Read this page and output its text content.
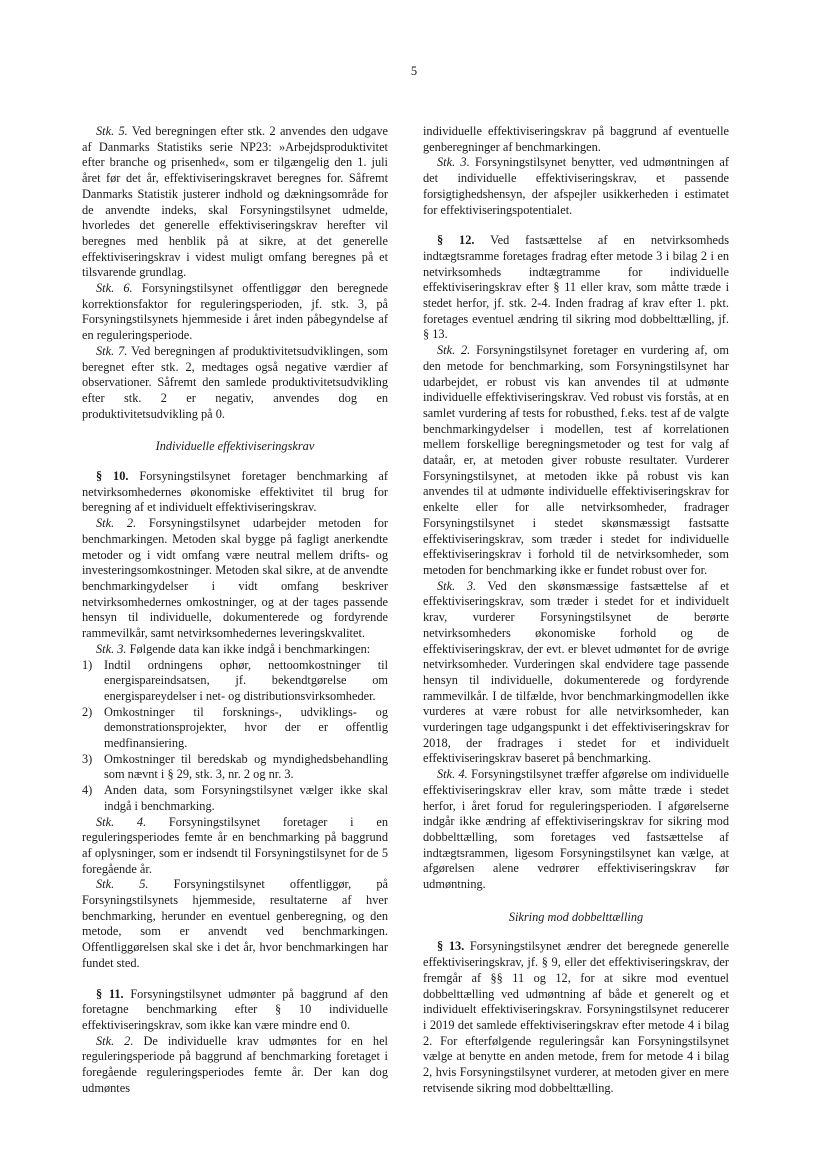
5

Stk. 5. Ved beregningen efter stk. 2 anvendes den udgave af Danmarks Statistiks serie NP23: »Arbejdsproduktivitet efter branche og prisenhed«, som er tilgængelig den 1. juli året før det år, effektiviseringskravet beregnes for. Såfremt Danmarks Statistik justerer indhold og dækningsområde for de anvendte indeks, skal Forsyningstilsynet udmelde, hvorledes det generelle effektiviseringskrav herefter vil beregnes med henblik på at sikre, at det generelle effektiviseringskrav i videst muligt omfang beregnes på et tilsvarende grundlag.

Stk. 6. Forsyningstilsynet offentliggør den beregnede korrektionsfaktor for reguleringsperioden, jf. stk. 3, på Forsyningstilsynets hjemmeside i året inden påbegyndelse af en reguleringsperiode.

Stk. 7. Ved beregningen af produktivitetsudviklingen, som beregnet efter stk. 2, medtages også negative værdier af observationer. Såfremt den samlede produktivitetsudvikling efter stk. 2 er negativ, anvendes dog en produktivitetsudvikling på 0.

Individuelle effektiviseringskrav

§ 10. Forsyningstilsynet foretager benchmarking af netvirksomhedernes økonomiske effektivitet til brug for beregning af et individuelt effektiviseringskrav.

Stk. 2. Forsyningstilsynet udarbejder metoden for benchmarkingen. Metoden skal bygge på fagligt anerkendte metoder og i vidt omfang være neutral mellem drifts- og investeringsomkostninger. Metoden skal sikre, at de anvendte benchmarkingydelser i vidt omfang beskriver netvirksomhedernes omkostninger, og at der tages passende hensyn til individuelle, dokumenterede og fordyrende rammevilkår, samt netvirksomhedernes leveringskvalitet.

Stk. 3. Følgende data kan ikke indgå i benchmarkingen:

1) Indtil ordningens ophør, nettoomkostninger til energispareindsatsen, jf. bekendtgørelse om energispareydelser i net- og distributionsvirksomheder.
2) Omkostninger til forsknings-, udviklings- og demonstrationsprojekter, hvor der er offentlig medfinansiering.
3) Omkostninger til beredskab og myndighedsbehandling som nævnt i § 29, stk. 3, nr. 2 og nr. 3.
4) Anden data, som Forsyningstilsynet vælger ikke skal indgå i benchmarking.

Stk. 4. Forsyningstilsynet foretager i en reguleringsperiodes femte år en benchmarking på baggrund af oplysninger, som er indsendt til Forsyningstilsynet for de 5 foregående år.

Stk. 5. Forsyningstilsynet offentliggør, på Forsyningstilsynets hjemmeside, resultaterne af hver benchmarking, herunder en eventuel genberegning, og den metode, som er anvendt ved benchmarkingen. Offentliggørelsen skal ske i det år, hvor benchmarkingen har fundet sted.

§ 11. Forsyningstilsynet udmønter på baggrund af den foretagne benchmarking efter § 10 individuelle effektiviseringskrav, som ikke kan være mindre end 0.

Stk. 2. De individuelle krav udmøntes for en hel reguleringsperiode på baggrund af benchmarking foretaget i foregående reguleringsperiodes femte år. Der kan dog udmøntes

individuelle effektiviseringskrav på baggrund af eventuelle genberegninger af benchmarkingen.

Stk. 3. Forsyningstilsynet benytter, ved udmøntningen af det individuelle effektiviseringskrav, et passende forsigtighedshensyn, der afspejler usikkerheden i estimatet for effektiviseringspotentialet.

§ 12. Ved fastsættelse af en netvirksomheds indtægtsramme foretages fradrag efter metode 3 i bilag 2 i en netvirksomheds indtægtramme for individuelle effektiviseringskrav efter § 11 eller krav, som måtte træde i stedet herfor, jf. stk. 2-4. Inden fradrag af krav efter 1. pkt. foretages eventuel ændring til sikring mod dobbelttælling, jf. § 13.

Stk. 2. Forsyningstilsynet foretager en vurdering af, om den metode for benchmarking, som Forsyningstilsynet har udarbejdet, er robust vis kan anvendes til at udmønte individuelle effektiviseringskrav. Ved robust vis forstås, at en samlet vurdering af tests for robusthed, f.eks. test af de valgte benchmarkingydelser i modellen, test af korrelationen mellem forskellige beregningsmetoder og test for valg af dataår, er, at metoden giver robuste resultater. Vurderer Forsyningstilsynet, at metoden ikke på robust vis kan anvendes til at udmønte individuelle effektiviseringskrav for enkelte eller for alle netvirksomheder, fradrager Forsyningstilsynet i stedet skønsmæssigt fastsatte effektiviseringskrav, som træder i stedet for individuelle effektiviseringskrav i forhold til de netvirksomheder, som metoden for benchmarking ikke er fundet robust over for.

Stk. 3. Ved den skønsmæssige fastsættelse af et effektiviseringskrav, som træder i stedet for et individuelt krav, vurderer Forsyningstilsynet de berørte netvirksomheders økonomiske forhold og de effektiviseringskrav, der evt. er blevet udmøntet for de øvrige netvirksomheder. Vurderingen skal endvidere tage passende hensyn til individuelle, dokumenterede og fordyrende rammevilkår. I de tilfælde, hvor benchmarkingmodellen ikke vurderes at være robust for alle netvirksomheder, kan vurderingen tage udgangspunkt i det effektiviseringskrav for 2018, der fradrages i stedet for et individuelt effektiviseringskrav baseret på benchmarking.

Stk. 4. Forsyningstilsynet træffer afgørelse om individuelle effektiviseringskrav eller krav, som måtte træde i stedet herfor, i året forud for reguleringsperioden. I afgørelserne indgår ikke ændring af effektiviseringskrav for sikring mod dobbelttælling, som foretages ved fastsættelse af indtægtsrammen, ligesom Forsyningstilsynet kan vælge, at afgørelsen alene vedrører effektiviseringskrav før udmøntning.

Sikring mod dobbelttælling

§ 13. Forsyningstilsynet ændrer det beregnede generelle effektiviseringskrav, jf. § 9, eller det effektiviseringskrav, der fremgår af §§ 11 og 12, for at sikre mod eventuel dobbelttælling ved udmøntning af både et generelt og et individuelt effektiviseringskrav. Forsyningstilsynet reducerer i 2019 det samlede effektiviseringskrav efter metode 4 i bilag 2. For efterfølgende reguleringsår kan Forsyningstilsynet vælge at benytte en anden metode, frem for metode 4 i bilag 2, hvis Forsyningstilsynet vurderer, at metoden giver en mere retvisende sikring mod dobbelttælling.
